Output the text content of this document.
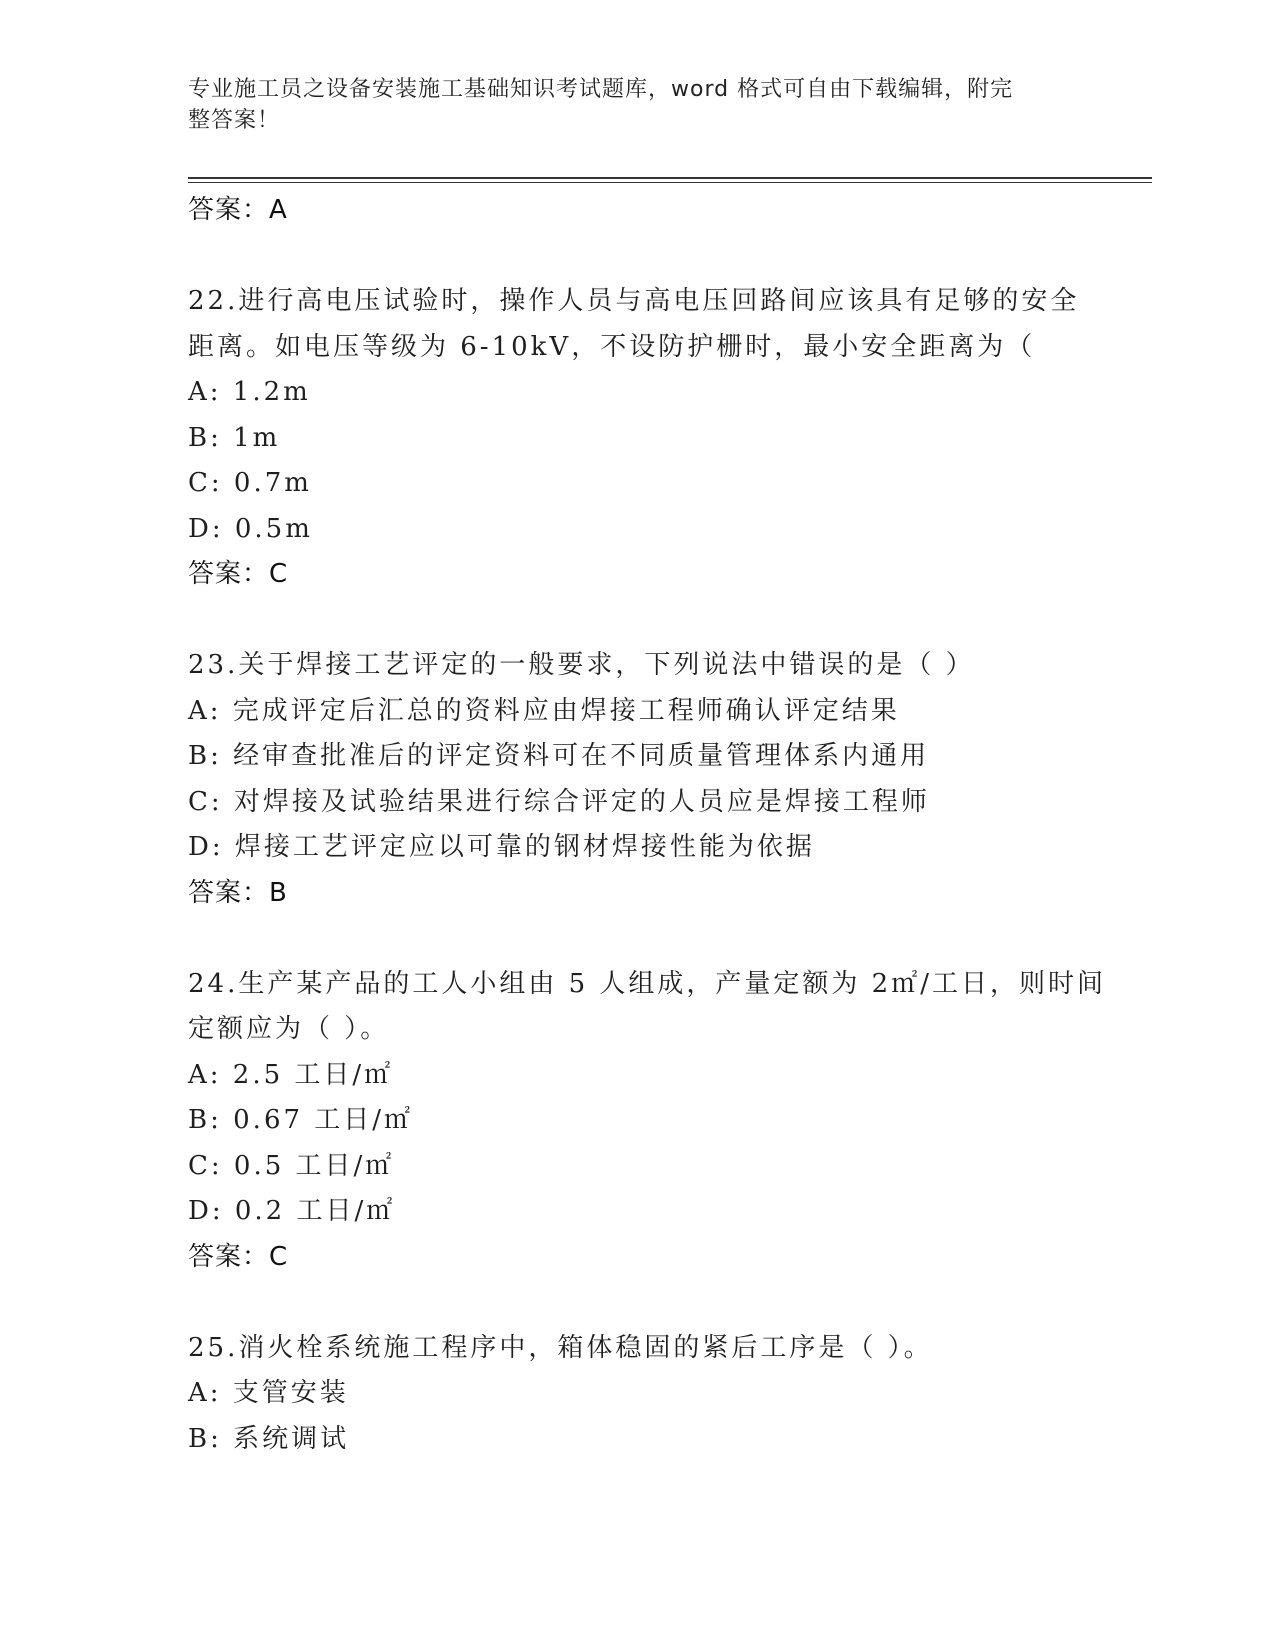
专业施工员之设备安装施工基础知识考试题库，word 格式可自由下载编辑，附完
整答案！
答案：A
22.进行高电压试验时，操作人员与高电压回路间应该具有足够的安全
距离。如电压等级为 6-10kV，不设防护栅时，最小安全距离为（
A: 1.2m
B: 1m
C: 0.7m
D: 0.5m
答案：C
23.关于焊接工艺评定的一般要求，下列说法中错误的是（ ）
A: 完成评定后汇总的资料应由焊接工程师确认评定结果
B: 经审查批准后的评定资料可在不同质量管理体系内通用
C: 对焊接及试验结果进行综合评定的人员应是焊接工程师
D: 焊接工艺评定应以可靠的钢材焊接性能为依据
答案：B
24.生产某产品的工人小组由 5 人组成，产量定额为 2㎡/工日，则时间
定额应为（ ）。
A: 2.5 工日/㎡
B: 0.67 工日/㎡
C: 0.5 工日/㎡
D: 0.2 工日/㎡
答案：C
25.消火栓系统施工程序中，箱体稳固的紧后工序是（ ）。
A: 支管安装
B: 系统调试
